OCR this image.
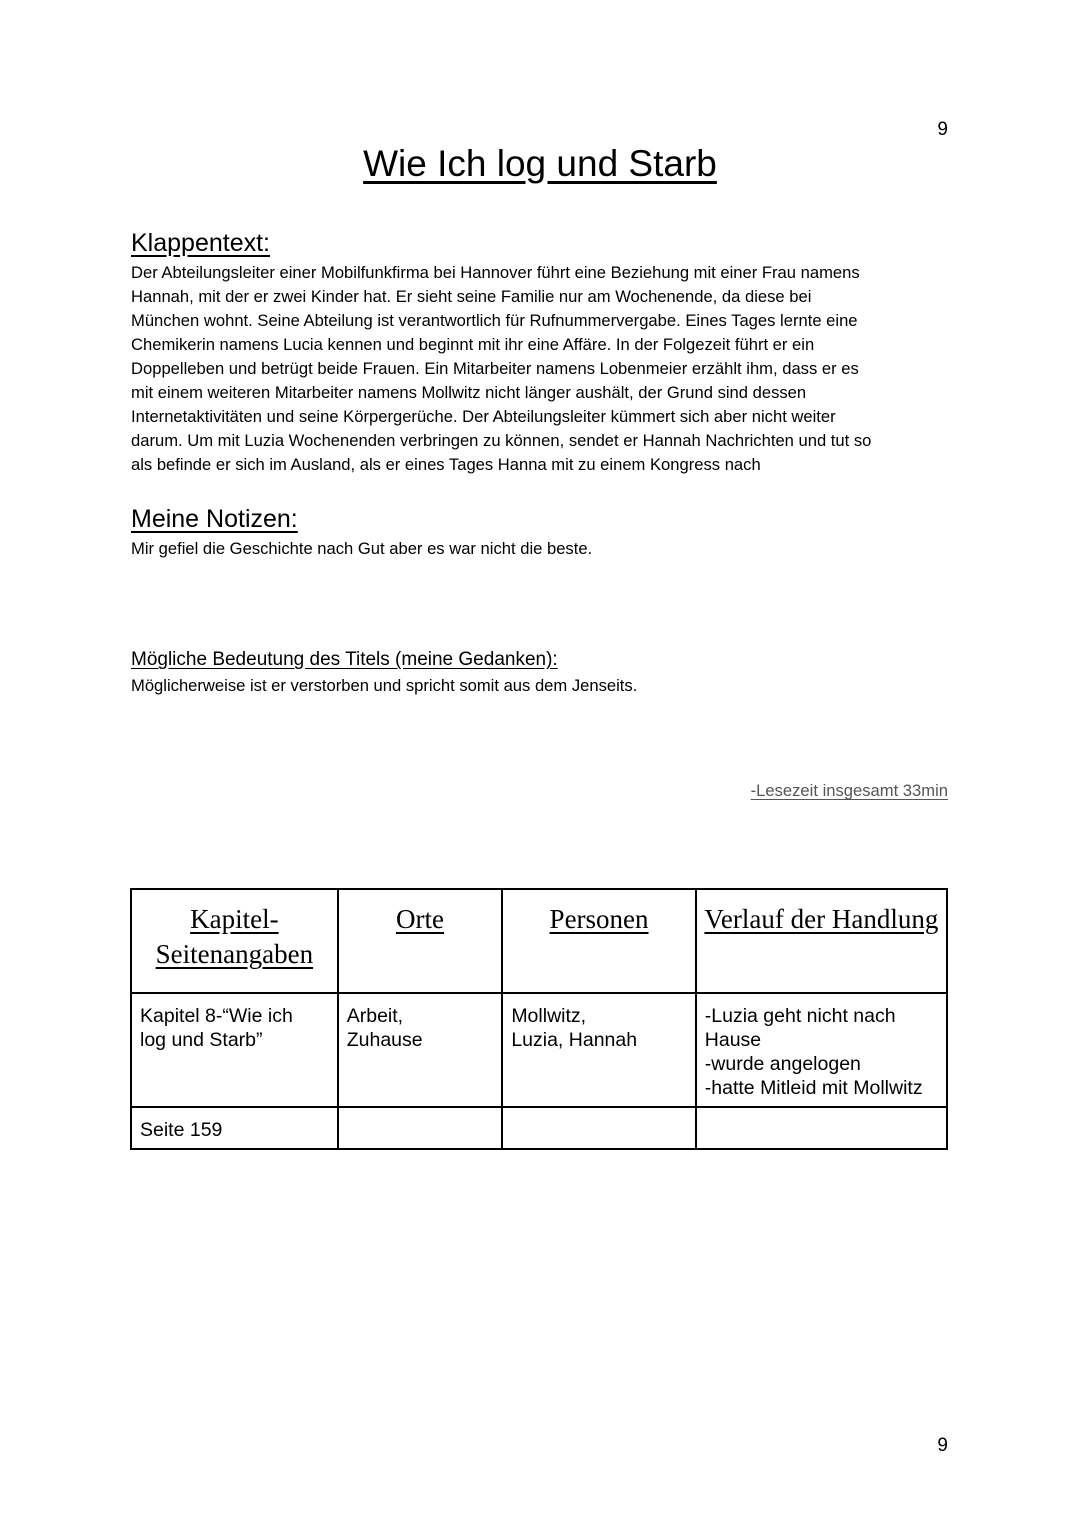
9
Wie Ich log und Starb
Klappentext:
Der Abteilungsleiter einer Mobilfunkfirma bei Hannover führt eine Beziehung mit einer Frau namens
Hannah, mit der er zwei Kinder hat. Er sieht seine Familie nur am Wochenende, da diese bei
München wohnt. Seine Abteilung ist verantwortlich für Rufnummervergabe. Eines Tages lernte eine
Chemikerin namens Lucia kennen und beginnt mit ihr eine Affäre. In der Folgezeit führt er ein
Doppelleben und betrügt beide Frauen. Ein Mitarbeiter namens Lobenmeier erzählt ihm, dass er es
mit einem weiteren Mitarbeiter namens Mollwitz nicht länger aushält, der Grund sind dessen
Internetaktivitäten und seine Körpergerüche. Der Abteilungsleiter kümmert sich aber nicht weiter
darum. Um mit Luzia Wochenenden verbringen zu können, sendet er Hannah Nachrichten und tut so
als befinde er sich im Ausland, als er eines Tages Hanna mit zu einem Kongress nach
Meine Notizen:
Mir gefiel die Geschichte nach Gut aber es war nicht die beste.
Mögliche Bedeutung des Titels (meine Gedanken):
Möglicherweise ist er verstorben und spricht somit aus dem Jenseits.
-Lesezeit insgesamt 33min
Kapitel-
Seitenangaben	Orte	Personen	Verlauf der Handlung

Kapitel 8-“Wie ich
log und Starb”	Arbeit,
Zuhause	Mollwitz,
Luzia, Hannah	-Luzia geht nicht nach
Hause
-wurde angelogen
-hatte Mitleid mit Mollwitz

Seite 159			
9
